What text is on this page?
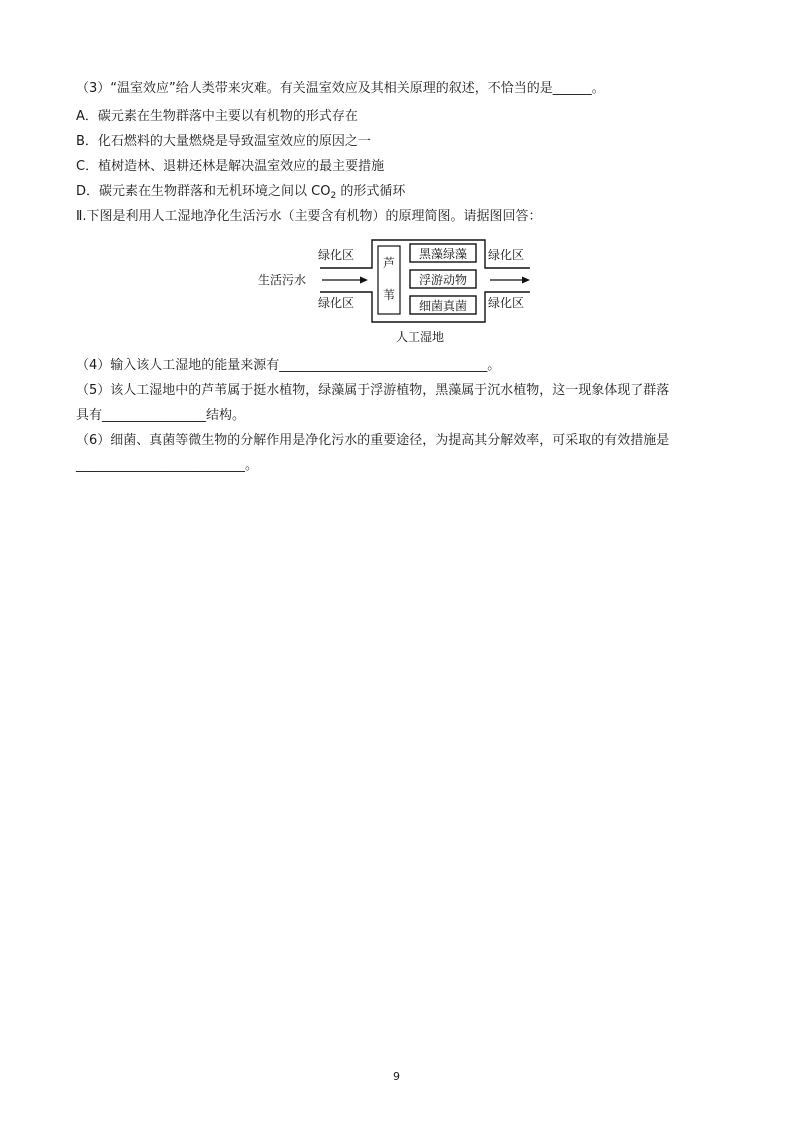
（3）“温室效应”给人类带来灾难。有关温室效应及其相关原理的叙述，不恰当的是______。
A．碳元素在生物群落中主要以有机物的形式存在
B．化石燃料的大量燃烧是导致温室效应的原因之一
C．植树造林、退耕还林是解决温室效应的最主要措施
D．碳元素在生物群落和无机环境之间以 $CO_2$ 的形式循环
Ⅱ.下图是利用人工湿地净化生活污水（主要含有机物）的原理简图。请据图回答：
芦
苇
黑藻绿藻
浮游动物
细菌真菌
绿化区
绿化区
绿化区
绿化区
生活污水
人工湿地
（4）输入该人工湿地的能量来源有________________________________。
（5）该人工湿地中的芦苇属于挺水植物，绿藻属于浮游植物，黑藻属于沉水植物，这一现象体现了群落
具有________________结构。
（6）细菌、真菌等微生物的分解作用是净化污水的重要途径，为提高其分解效率，可采取的有效措施是
__________________________。
9
